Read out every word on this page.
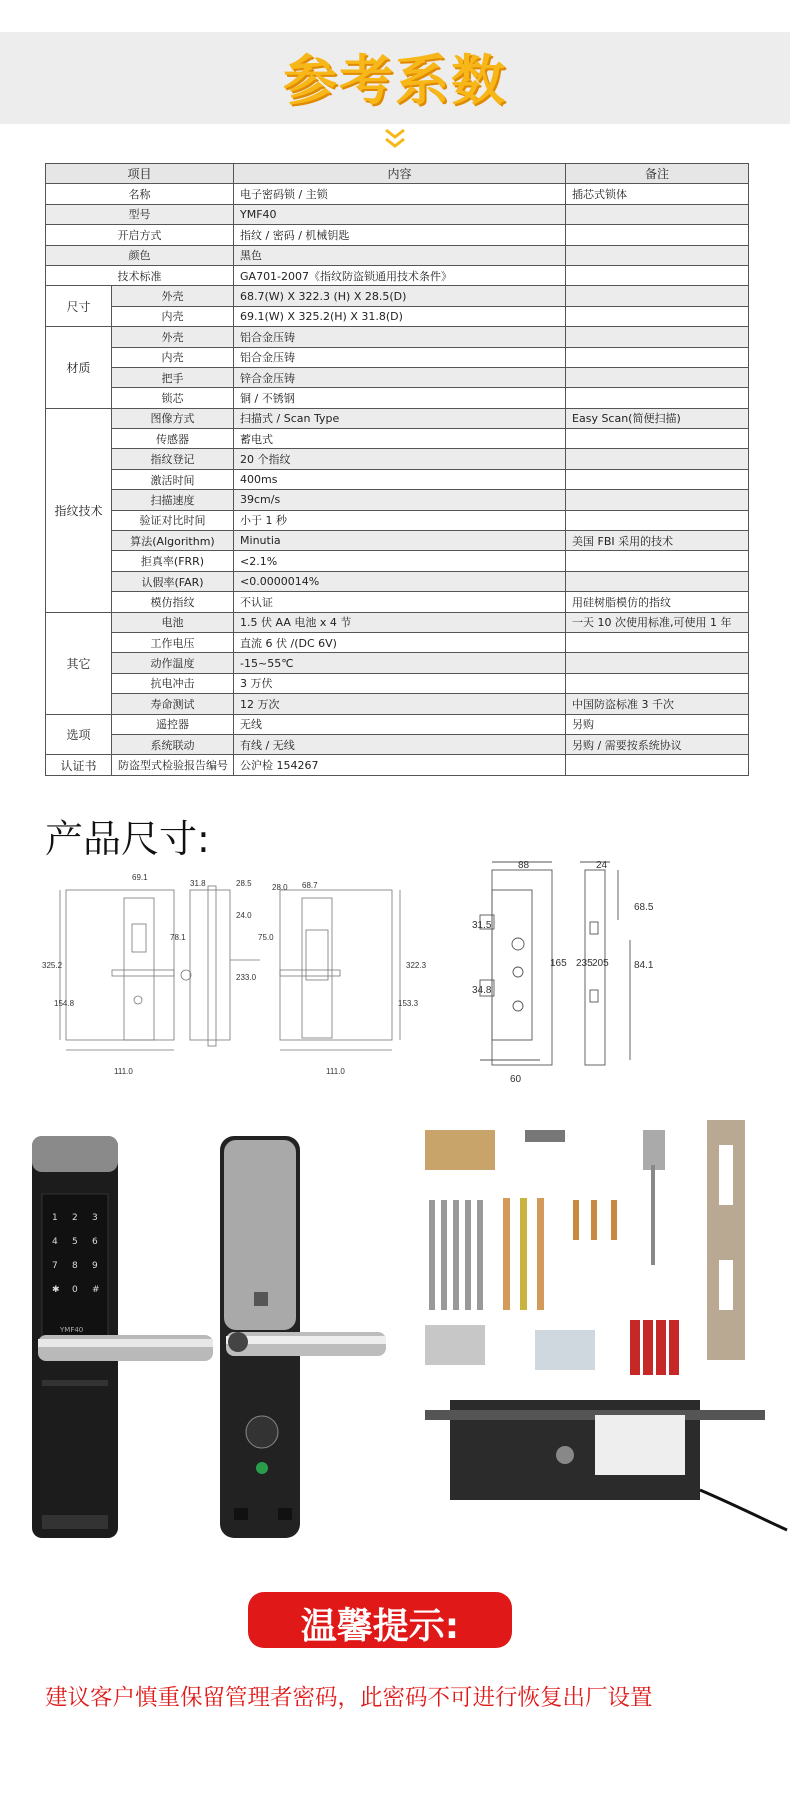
参考系数
项目		内容	备注
名称		电子密码锁 / 主锁	插芯式锁体
型号		YMF40	
开启方式		指纹 / 密码 / 机械钥匙	
颜色		黑色	
技术标准		GA701-2007《指纹防盗锁通用技术条件》	
尺寸	外壳	68.7(W) X 322.3 (H) X 28.5(D)	
	内壳	69.1(W) X 325.2(H) X 31.8(D)	
材质	外壳	铝合金压铸	
	内壳	铝合金压铸	
	把手	锌合金压铸	
	锁芯	铜 / 不锈钢	
指纹技术	图像方式	扫描式 / Scan Type	Easy Scan(简便扫描)
	传感器	蓄电式	
	指纹登记	20 个指纹	
	激活时间	400ms	
	扫描速度	39cm/s	
	验证对比时间	小于 1 秒	
	算法(Algorithm)	Minutia	美国 FBI 采用的技术
	拒真率(FRR)	<2.1%	
	认假率(FAR)	<0.0000014%	
	模仿指纹	不认证	用硅树脂模仿的指纹
其它	电池	1.5 伏 AA 电池 x 4 节	一天 10 次使用标准,可使用 1 年
	工作电压	直流 6 伏 /(DC 6V)	
	动作温度	-15~55℃	
	抗电冲击	3 万伏	
	寿命测试	12 万次	中国防盗标准 3 千次
选项	遥控器	无线	另购
	系统联动	有线 / 无线	另购 / 需要按系统协议
认证书	防盗型式检验报告编号	公沪检 154267	
产品尺寸:
69.1
31.8	28.5	28.0 68.7
24.0
78.1	75.0
325.2
154.8
233.0
322.3
153.3
111.0	111.0
88	24
31.5
68.5
165 235 205	84.1
34.8
60
1 2 3
4 5 6
7 8 9
✱ 0 #
YMF40
温馨提示:
建议客户慎重保留管理者密码，此密码不可进行恢复出厂设置
